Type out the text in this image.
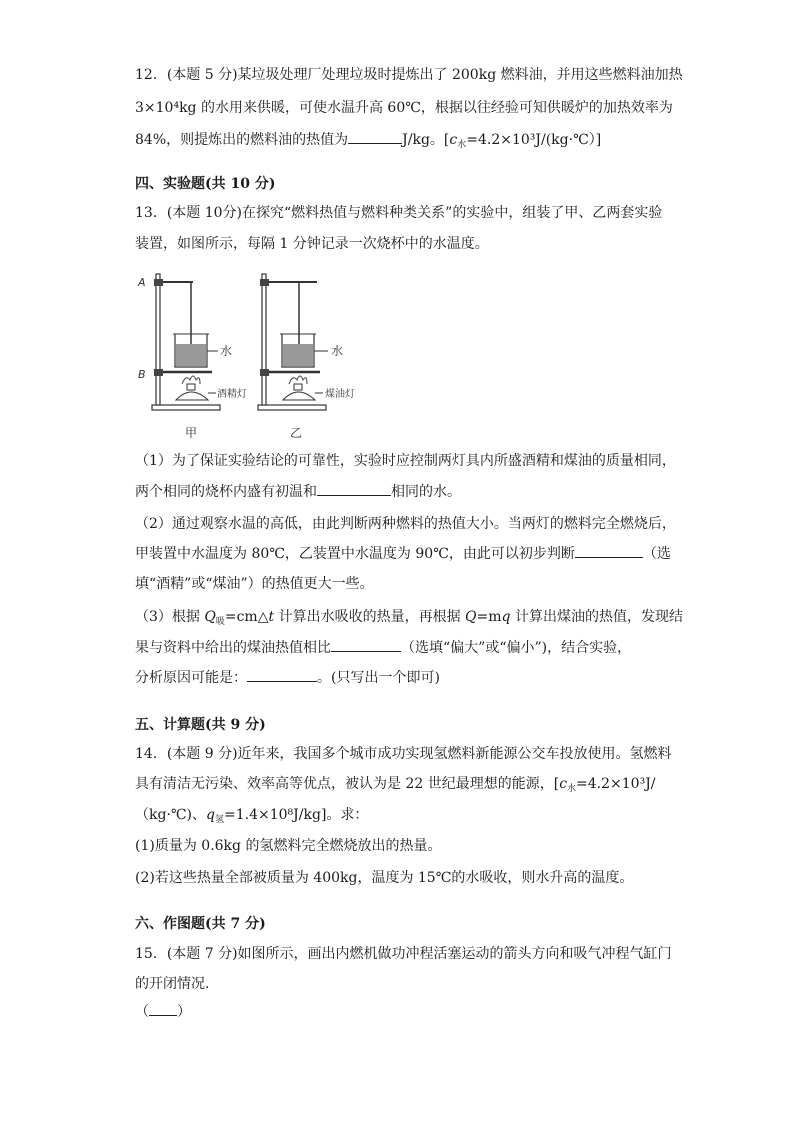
12．(本题 5 分)某垃圾处理厂处理垃圾时提炼出了 200kg 燃料油，并用这些燃料油加热

3×10⁴kg 的水用来供暖，可使水温升高 60℃，根据以往经验可知供暖炉的加热效率为

84%，则提炼出的燃料油的热值为	J/kg。$[c_水=4.2\times 10^3J/(kg\cdot℃)]$

四、实验题(共 10 分)

13．(本题 10分)在探究“燃料热值与燃料种类关系”的实验中，组装了甲、乙两套实验

装置，如图所示，每隔 1 分钟记录一次烧杯中的水温度。

A
B
水
酒精灯
甲
水
煤油灯
乙

（1）为了保证实验结论的可靠性，实验时应控制两灯具内所盛酒精和煤油的质量相同，

两个相同的烧杯内盛有初温和	相同的水。

（2）通过观察水温的高低，由此判断两种燃料的热值大小。当两灯的燃料完全燃烧后，

甲装置中水温度为 80℃，乙装置中水温度为 90℃，由此可以初步判断	（选

填“酒精”或“煤油”）的热值更大一些。

（3）根据 $Q_吸=cm\triangle t$ 计算出水吸收的热量，再根据 Q=mq 计算出煤油的热值，发现结

果与资料中给出的煤油热值相比	（选填“偏大”或“偏小”)，结合实验，

分析原因可能是：	。(只写出一个即可)

五、计算题(共 9 分)

14．(本题 9 分)近年来，我国多个城市成功实现氢燃料新能源公交车投放使用。氢燃料

具有清洁无污染、效率高等优点，被认为是 22 世纪最理想的能源，[$c_水=4.2\times 10^3J/$

（kg·℃)、$q_氢=1.4\times 10^8J/kg$]。求：

(1)质量为 0.6kg 的氢燃料完全燃烧放出的热量。

(2)若这些热量全部被质量为 400kg，温度为 15℃的水吸收，则水升高的温度。

六、作图题(共 7 分)

15．(本题 7 分)如图所示，画出内燃机做功冲程活塞运动的箭头方向和吸气冲程气缸门

的开闭情况.

（ ）
